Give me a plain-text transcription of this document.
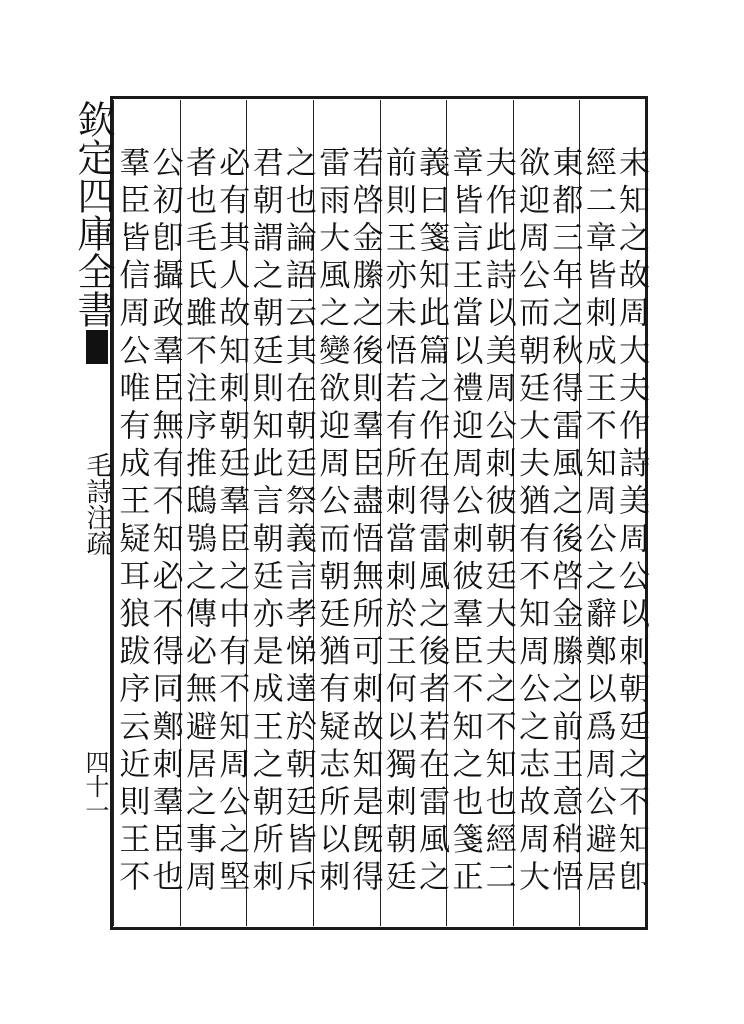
欽定四庫全書
毛詩注疏
四十一	未知之故周大夫作詩美周公以刺朝廷之不知卽
經二章皆刺成王不知周公之辭鄭以爲周公避居
東都三年之秋得雷風之後啓金縢之前王意稍悟
欲迎周公而朝廷大夫猶有不知周公之志故周大
夫作此詩以美周公刺彼朝廷大夫之不知也經二
章皆言王當以禮迎周公刺彼羣臣不知之也箋正
義曰箋知此篇之作在得雷風之後者若在雷風之
前則王亦未悟若有所刺當刺於王何以獨刺朝廷
若啓金縢之後則羣臣盡悟無所可刺故知是旣得
雷雨大風之變欲迎周公而朝廷猶有疑志所以刺
之也論語云其在朝廷祭義言孝悌達於朝廷皆斥
君朝謂之朝廷則知此言朝廷亦是成王之朝所刺
必有其人故知刺朝廷羣臣之中有不知周公之堅
者也毛氏雖不注序推鴟鴞之傳必無避居之事周
公初卽攝政羣臣無有不知必不得同鄭刺羣臣也
羣臣皆信周公唯有成王疑耳狼跋序云近則王不
